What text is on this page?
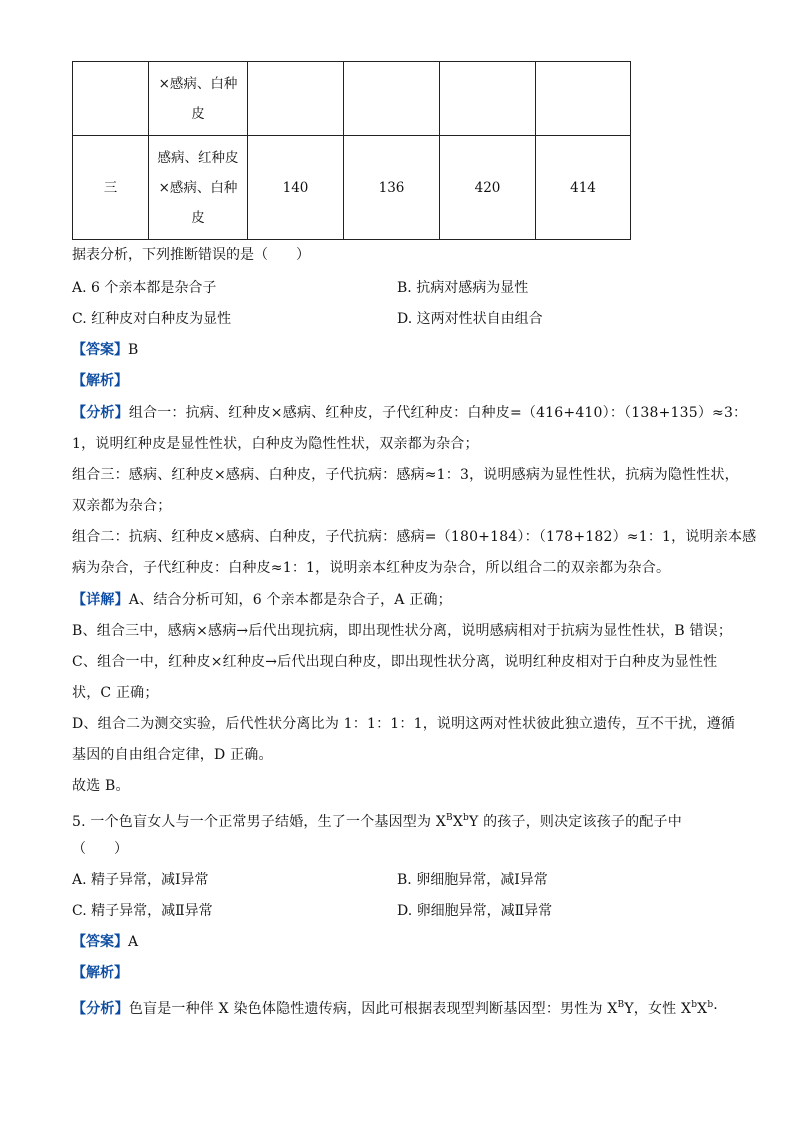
	×感病、白种皮				

三	感病、红种皮×感病、白种皮	140	136	420	414
据表分析，下列推断错误的是（　　）
A. 6 个亲本都是杂合子	B. 抗病对感病为显性
C. 红种皮对白种皮为显性	D. 这两对性状自由组合
【答案】B
【解析】
【分析】组合一：抗病、红种皮×感病、红种皮，子代红种皮：白种皮=（416+410）：（138+135）≈3：
1，说明红种皮是显性性状，白种皮为隐性性状，双亲都为杂合；
组合三：感病、红种皮×感病、白种皮，子代抗病：感病≈1：3，说明感病为显性性状，抗病为隐性性状，
双亲都为杂合；
组合二：抗病、红种皮×感病、白种皮，子代抗病：感病=（180+184）：（178+182）≈1：1，说明亲本感
病为杂合，子代红种皮：白种皮≈1：1，说明亲本红种皮为杂合，所以组合二的双亲都为杂合。
【详解】A、结合分析可知，6 个亲本都是杂合子，A 正确；
B、组合三中，感病×感病→后代出现抗病，即出现性状分离，说明感病相对于抗病为显性性状，B 错误；
C、组合一中，红种皮×红种皮→后代出现白种皮，即出现性状分离，说明红种皮相对于白种皮为显性性
状，C 正确；
D、组合二为测交实验，后代性状分离比为 1：1：1：1，说明这两对性状彼此独立遗传，互不干扰，遵循
基因的自由组合定律，D 正确。
故选 B。
5. 一个色盲女人与一个正常男子结婚，生了一个基因型为 $X^BX^bY$ 的孩子，则决定该孩子的配子中
（　　）
A. 精子异常，减Ⅰ异常	B. 卵细胞异常，减Ⅰ异常
C. 精子异常，减Ⅱ异常	D. 卵细胞异常，减Ⅱ异常
【答案】A
【解析】
【分析】色盲是一种伴 X 染色体隐性遗传病，因此可根据表现型判断基因型：男性为 $X^BY$，女性 $X^bX^b\cdot$
